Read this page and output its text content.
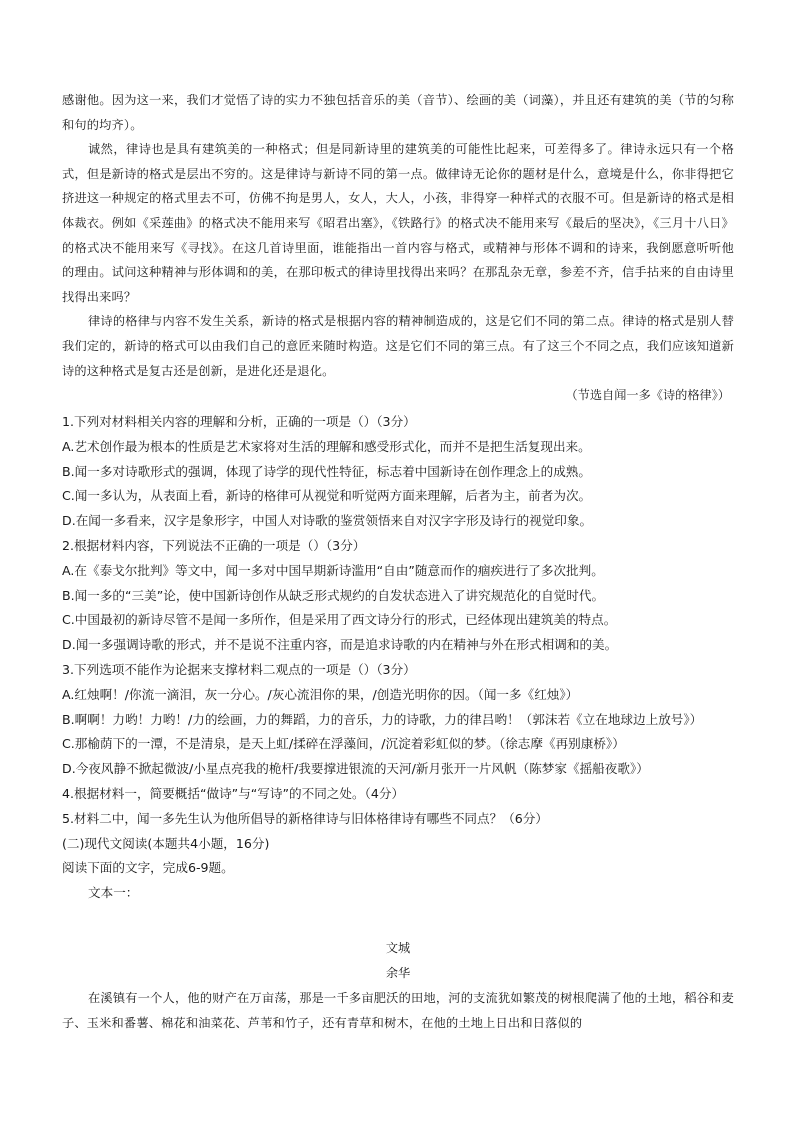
感谢他。因为这一来，我们才觉悟了诗的实力不独包括音乐的美（音节）、绘画的美（词藻），并且还有建筑的美（节的匀称和句的均齐）。

诚然，律诗也是具有建筑美的一种格式；但是同新诗里的建筑美的可能性比起来，可差得多了。律诗永远只有一个格式，但是新诗的格式是层出不穷的。这是律诗与新诗不同的第一点。做律诗无论你的题材是什么，意境是什么，你非得把它挤进这一种规定的格式里去不可，仿佛不拘是男人，女人，大人，小孩，非得穿一种样式的衣服不可。但是新诗的格式是相体裁衣。例如《采莲曲》的格式决不能用来写《昭君出塞》，《铁路行》的格式决不能用来写《最后的坚决》，《三月十八日》的格式决不能用来写《寻找》。在这几首诗里面，谁能指出一首内容与格式，或精神与形体不调和的诗来，我倒愿意听听他的理由。试问这种精神与形体调和的美，在那印板式的律诗里找得出来吗？在那乱杂无章，参差不齐，信手拈来的自由诗里找得出来吗？

律诗的格律与内容不发生关系，新诗的格式是根据内容的精神制造成的，这是它们不同的第二点。律诗的格式是别人替我们定的，新诗的格式可以由我们自己的意匠来随时构造。这是它们不同的第三点。有了这三个不同之点，我们应该知道新诗的这种格式是复古还是创新，是进化还是退化。

（节选自闻一多《诗的格律》）

1.下列对材料相关内容的理解和分析，正确的一项是（）（3分）

A.艺术创作最为根本的性质是艺术家将对生活的理解和感受形式化，而并不是把生活复现出来。

B.闻一多对诗歌形式的强调，体现了诗学的现代性特征，标志着中国新诗在创作理念上的成熟。

C.闻一多认为，从表面上看，新诗的格律可从视觉和听觉两方面来理解，后者为主，前者为次。

D.在闻一多看来，汉字是象形字，中国人对诗歌的鉴赏领悟来自对汉字字形及诗行的视觉印象。

2.根据材料内容，下列说法不正确的一项是（）（3分）

A.在《泰戈尔批判》等文中，闻一多对中国早期新诗滥用“自由”随意而作的痼疾进行了多次批判。

B.闻一多的“三美”论，使中国新诗创作从缺乏形式规约的自发状态进入了讲究规范化的自觉时代。

C.中国最初的新诗尽管不是闻一多所作，但是采用了西文诗分行的形式，已经体现出建筑美的特点。

D.闻一多强调诗歌的形式，并不是说不注重内容，而是追求诗歌的内在精神与外在形式相调和的美。

3.下列选项不能作为论据来支撑材料二观点的一项是（）（3分）

A.红烛啊！/你流一滴泪，灰一分心。/灰心流泪你的果，/创造光明你的因。（闻一多《红烛》）

B.啊啊！力哟！力哟！/力的绘画，力的舞蹈，力的音乐，力的诗歌，力的律吕哟！（郭沫若《立在地球边上放号》）

C.那榆荫下的一潭，不是清泉，是天上虹/揉碎在浮藻间，/沉淀着彩虹似的梦。（徐志摩《再别康桥》）

D.今夜风静不掀起微波/小星点亮我的桅杆/我要撑进银流的天河/新月张开一片风帆（陈梦家《摇船夜歌》）

4.根据材料一，简要概括“做诗”与“写诗”的不同之处。（4分）

5.材料二中，闻一多先生认为他所倡导的新格律诗与旧体格律诗有哪些不同点？（6分）

(二)现代文阅读(本题共4小题，16分)

阅读下面的文字，完成6-9题。

文本一：

文城

余华

在溪镇有一个人，他的财产在万亩荡，那是一千多亩肥沃的田地，河的支流犹如繁茂的树根爬满了他的土地，稻谷和麦子、玉米和番薯、棉花和油菜花、芦苇和竹子，还有青草和树木，在他的土地上日出和日落似的
